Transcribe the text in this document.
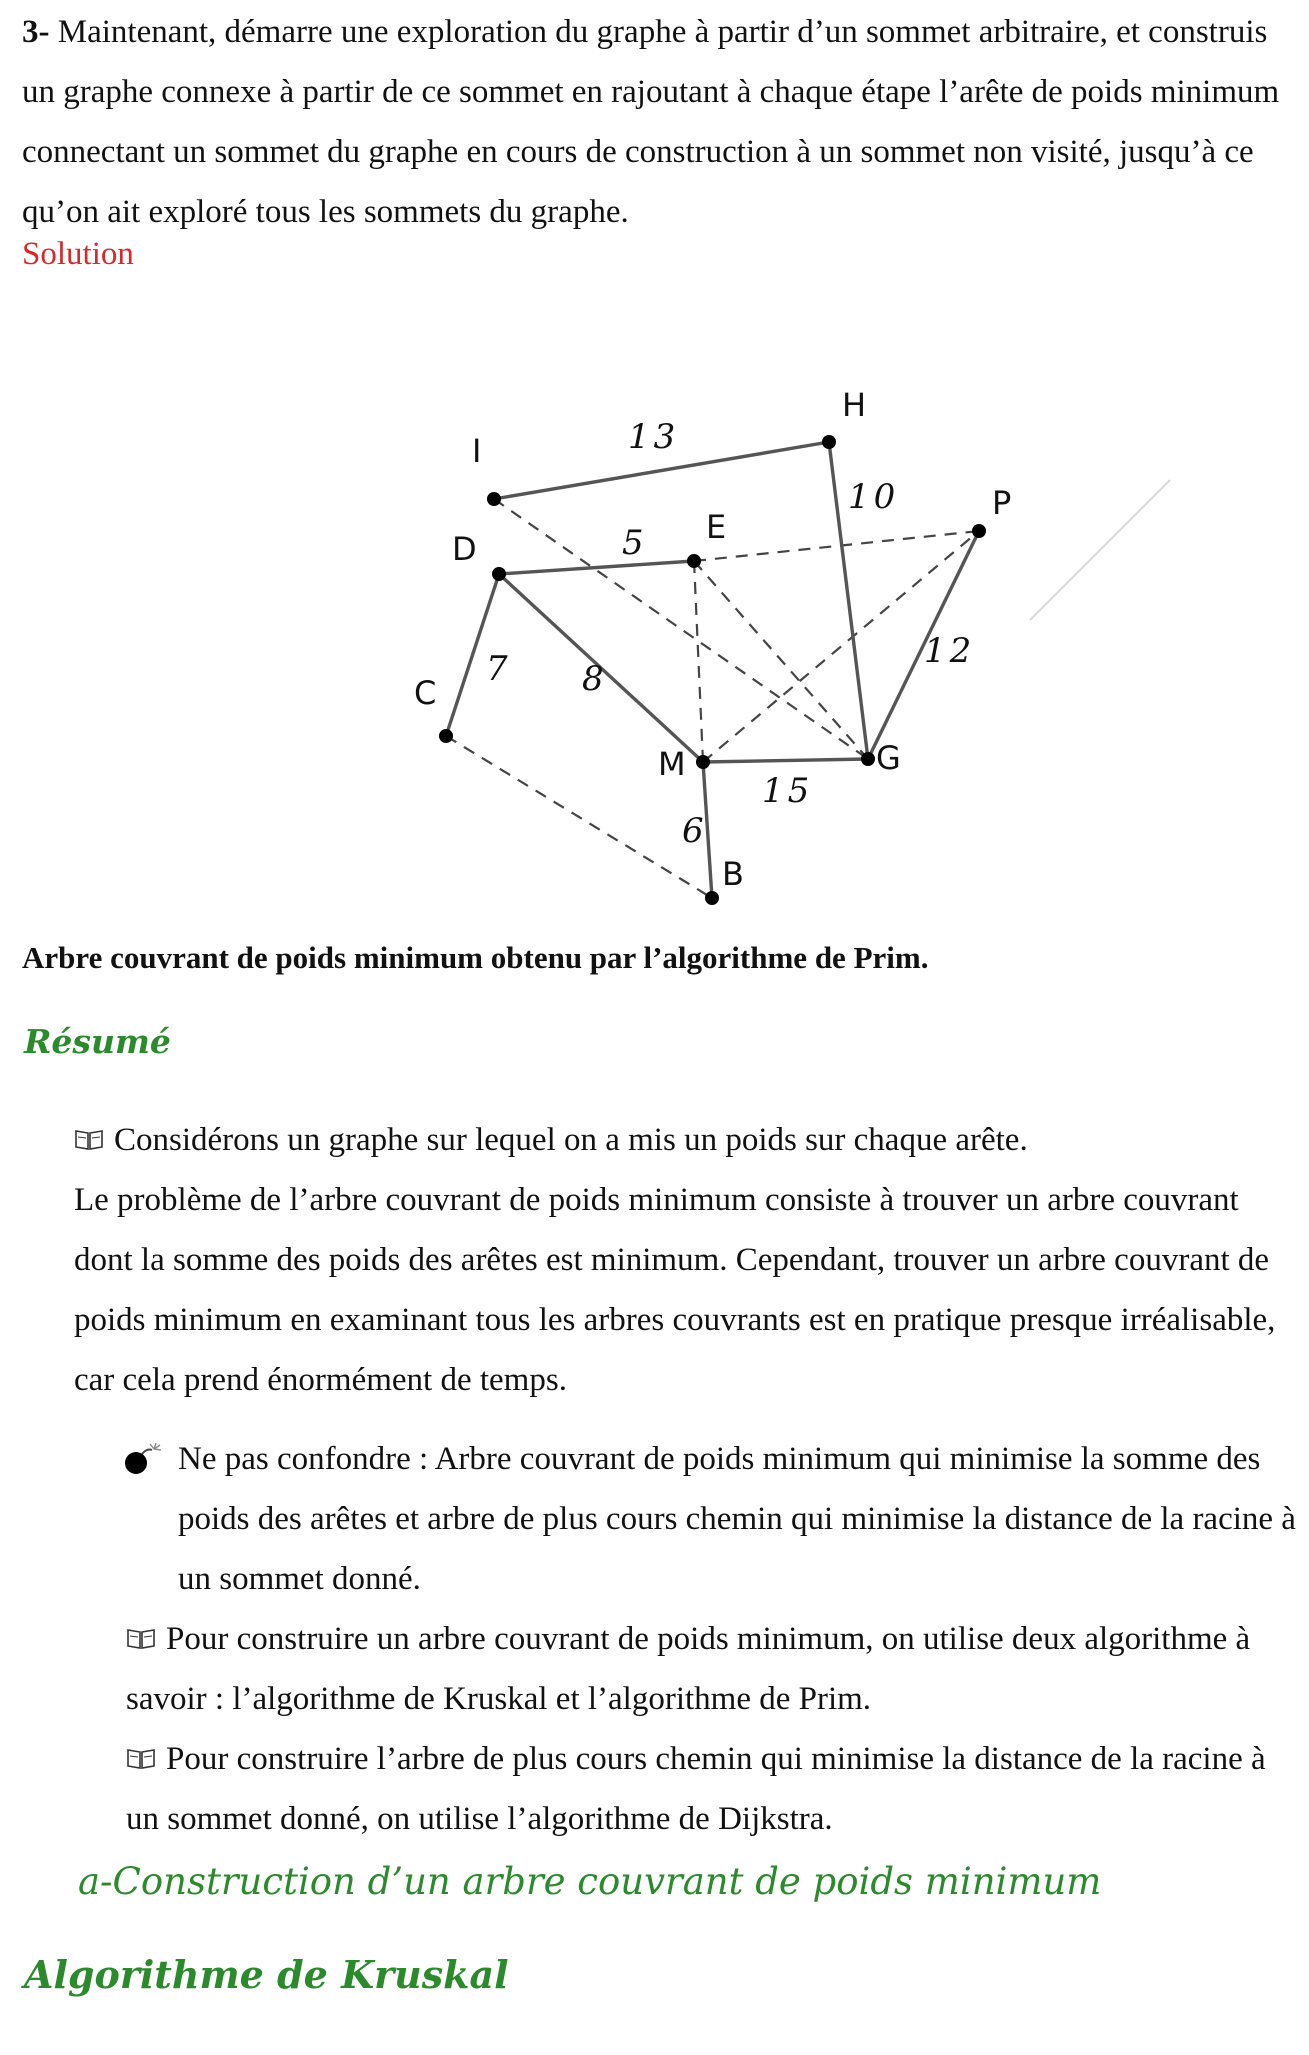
3- Maintenant, démarre une exploration du graphe à partir d’un sommet arbitraire, et construis un graphe connexe à partir de ce sommet en rajoutant à chaque étape l’arête de poids minimum connectant un sommet du graphe en cours de construction à un sommet non visité, jusqu’à ce qu’on ait exploré tous les sommets du graphe.

Solution
I
H
D
E
P
C
M	G
B
13
5
7 8
10
12
15
6
Arbre couvrant de poids minimum obtenu par l’algorithme de Prim.
Résumé
Considérons un graphe sur lequel on a mis un poids sur chaque arête.
Le problème de l’arbre couvrant de poids minimum consiste à trouver un arbre couvrant dont la somme des poids des arêtes est minimum. Cependant, trouver un arbre couvrant de poids minimum en examinant tous les arbres couvrants est en pratique presque irréalisable, car cela prend énormément de temps.
Ne pas confondre : Arbre couvrant de poids minimum qui minimise la somme des poids des arêtes et arbre de plus cours chemin qui minimise la distance de la racine à un sommet donné.
Pour construire un arbre couvrant de poids minimum, on utilise deux algorithme à savoir : l’algorithme de Kruskal et l’algorithme de Prim.
Pour construire l’arbre de plus cours chemin qui minimise la distance de la racine à un sommet donné, on utilise l’algorithme de Dijkstra.
a-Construction d’un arbre couvrant de poids minimum
Algorithme de Kruskal
